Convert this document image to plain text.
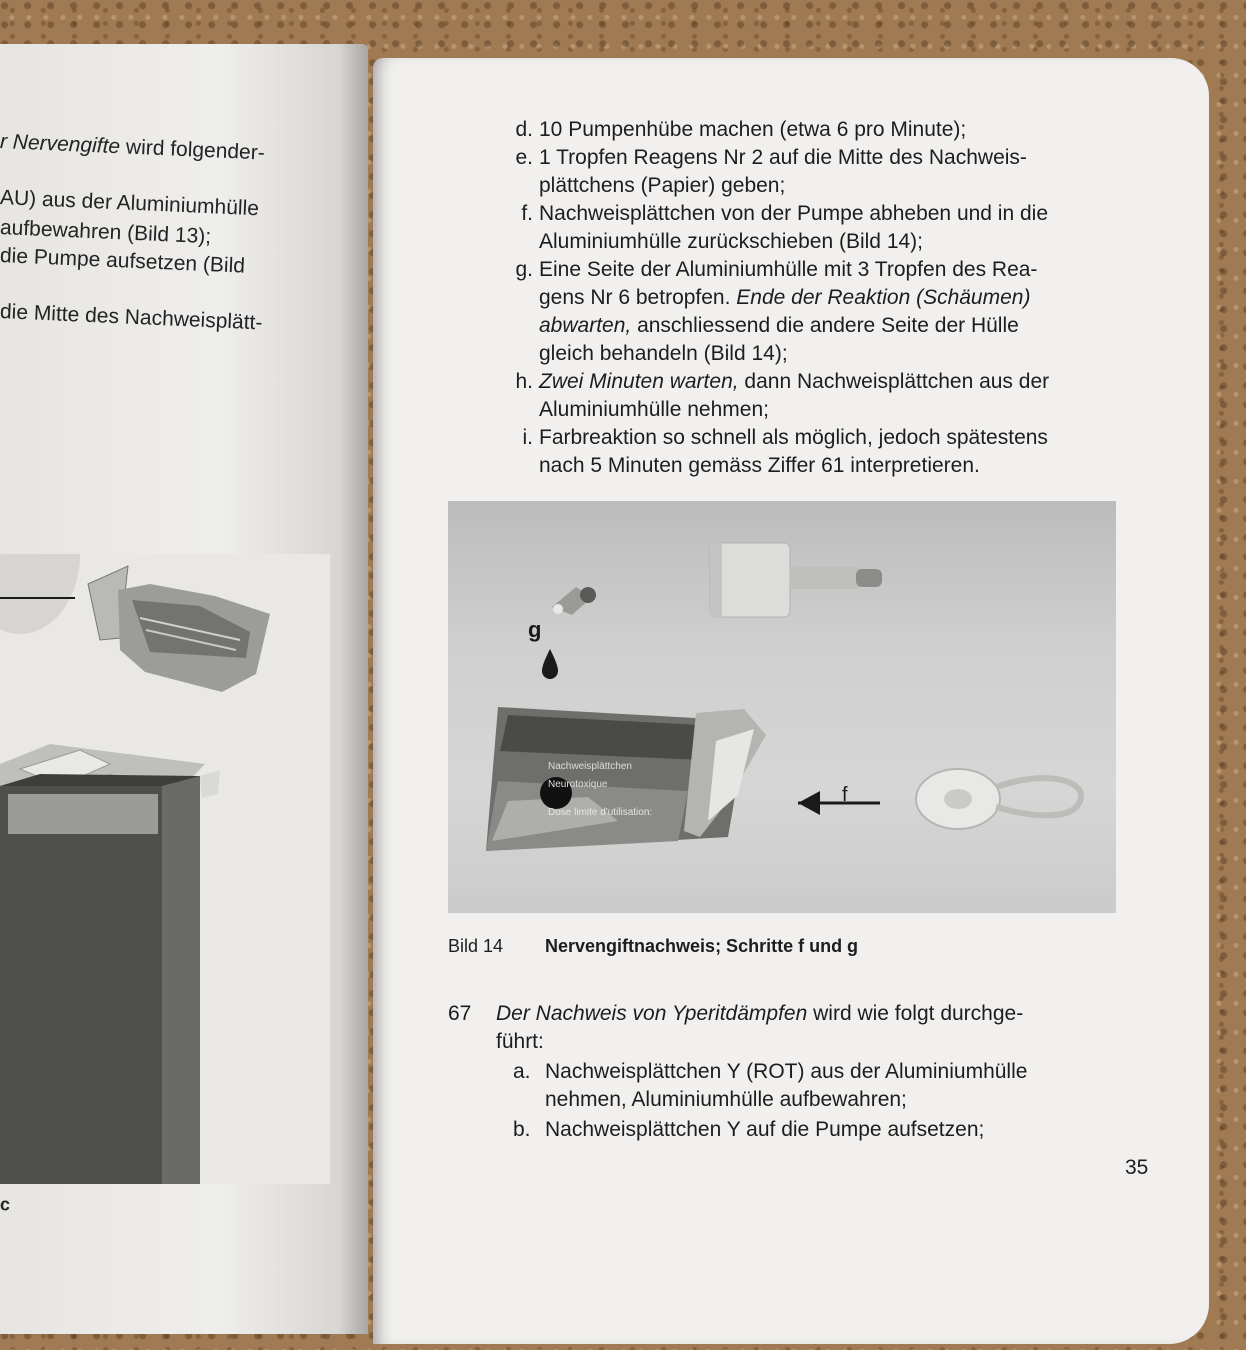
r Nervengifte wird folgender-
AU) aus der Aluminiumhülle
aufbewahren (Bild 13);
die Pumpe aufsetzen (Bild
die Mitte des Nachweisplätt-
c
d. 10 Pumpenhübe machen (etwa 6 pro Minute);
e. 1 Tropfen Reagens Nr 2 auf die Mitte des Nachweis-
plättchens (Papier) geben;
f. Nachweisplättchen von der Pumpe abheben und in die
Aluminiumhülle zurückschieben (Bild 14);
g. Eine Seite der Aluminiumhülle mit 3 Tropfen des Rea-
gens Nr 6 betropfen. Ende der Reaktion (Schäumen)
abwarten, anschliessend die andere Seite der Hülle
gleich behandeln (Bild 14);
h. Zwei Minuten warten, dann Nachweisplättchen aus der
Aluminiumhülle nehmen;
i. Farbreaktion so schnell als möglich, jedoch spätestens
nach 5 Minuten gemäss Ziffer 61 interpretieren.
g
Nachweisplättchen
Neurotoxique
Dose limite d'utilisation:
f
Bild 14 Nervengiftnachweis; Schritte f und g
67 Der Nachweis von Yperitdämpfen wird wie folgt durchge-
führt:
a. Nachweisplättchen Y (ROT) aus der Aluminiumhülle
nehmen, Aluminiumhülle aufbewahren;
b. Nachweisplättchen Y auf die Pumpe aufsetzen;
35
